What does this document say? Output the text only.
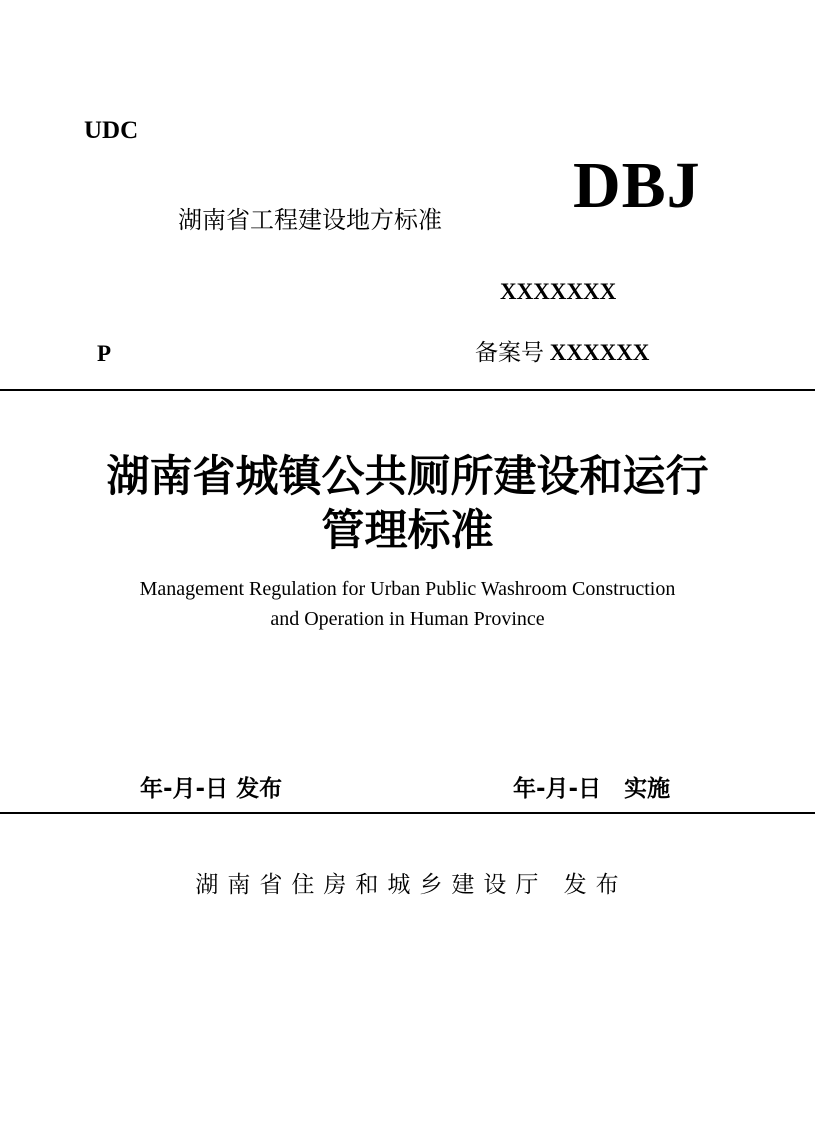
UDC
DBJ
湖南省工程建设地方标准
XXXXXXX
P	备案号 XXXXXX
湖南省城镇公共厕所建设和运行
管理标准
Management Regulation for Urban Public Washroom Construction
and Operation in Human Province
年-月-日 发布	年-月-日　实施
湖南省住房和城乡建设厅 发布
